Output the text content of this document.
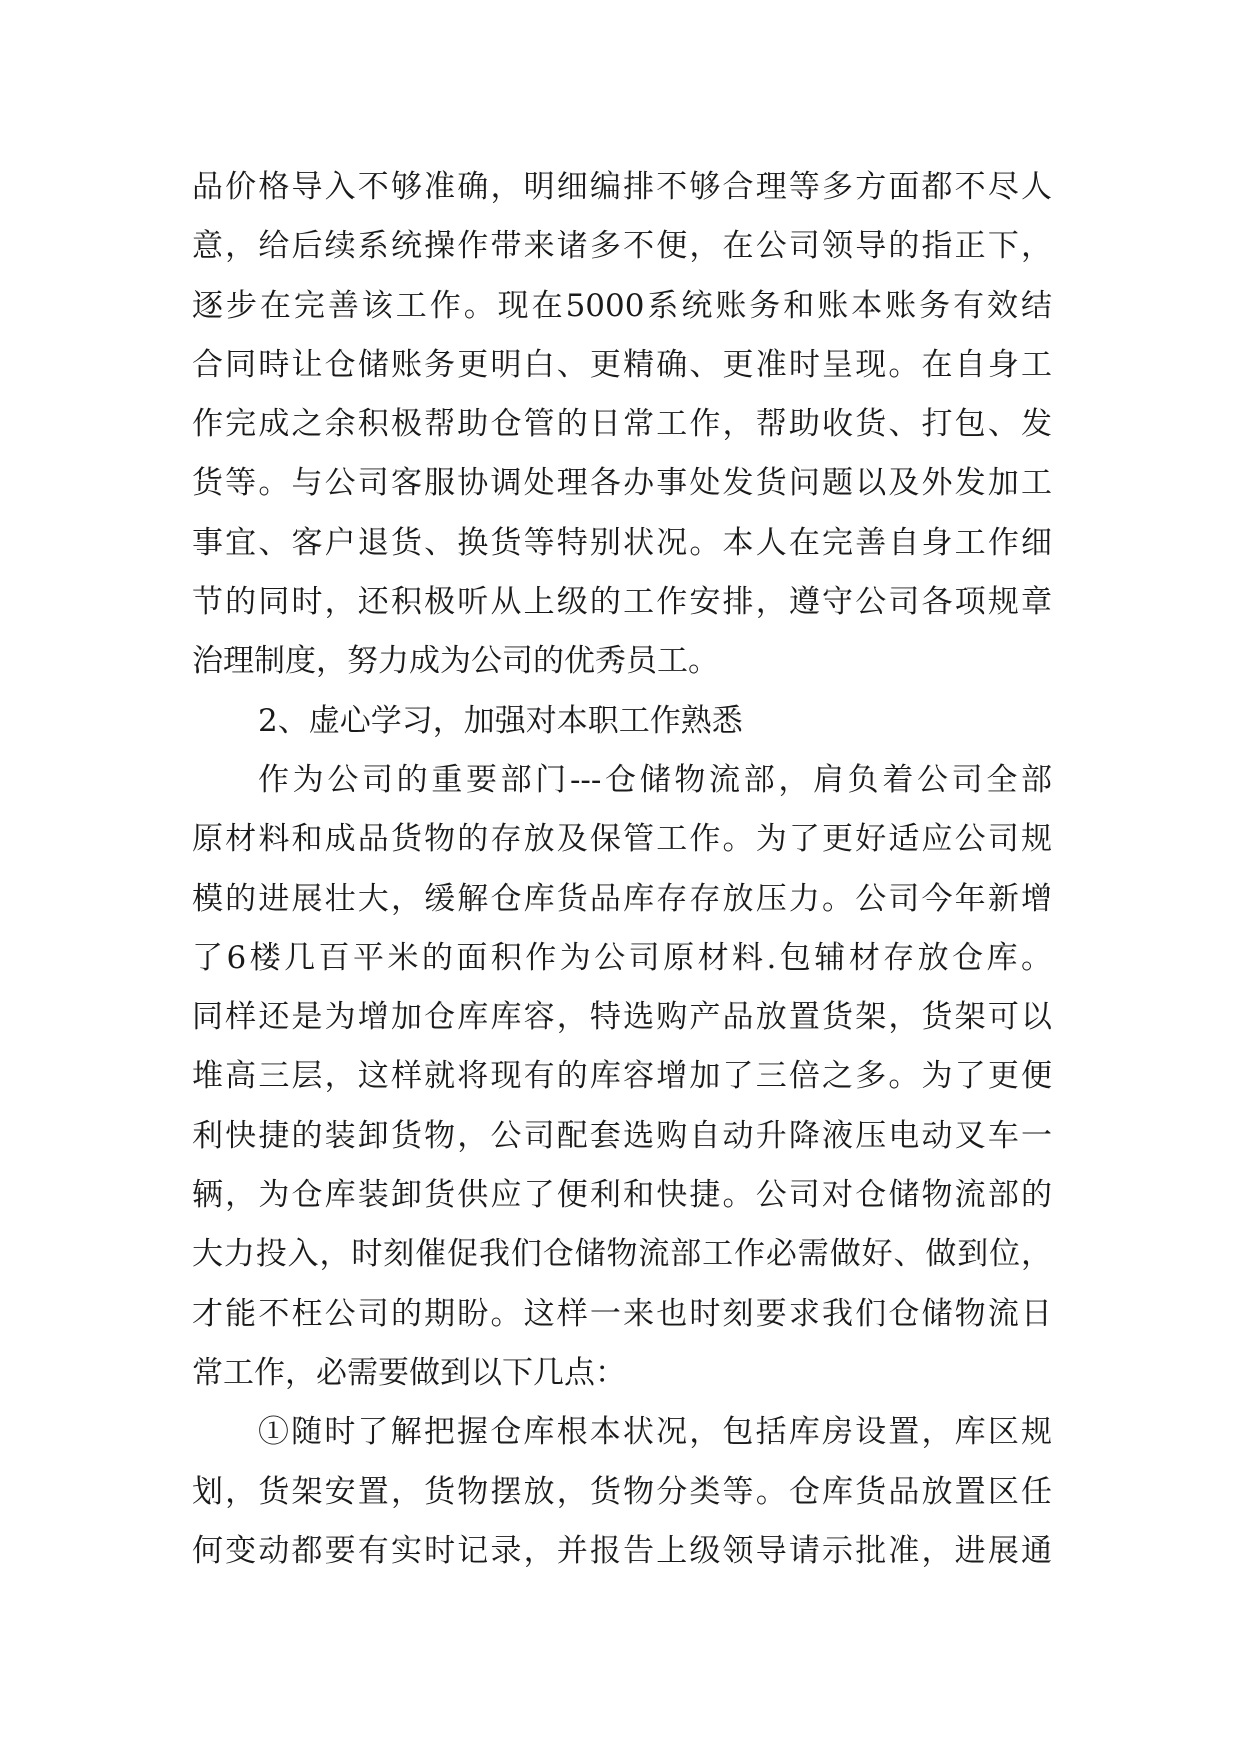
品价格导入不够准确，明细编排不够合理等多方面都不尽人
意，给后续系统操作带来诸多不便，在公司领导的指正下，
逐步在完善该工作。现在5000系统账务和账本账务有效结
合同時让仓储账务更明白、更精确、更准时呈现。在自身工
作完成之余积极帮助仓管的日常工作，帮助收货、打包、发
货等。与公司客服协调处理各办事处发货问题以及外发加工
事宜、客户退货、换货等特别状况。本人在完善自身工作细
节的同时，还积极听从上级的工作安排，遵守公司各项规章
治理制度，努力成为公司的优秀员工。
2、虚心学习，加强对本职工作熟悉
作为公司的重要部门---仓储物流部，肩负着公司全部
原材料和成品货物的存放及保管工作。为了更好适应公司规
模的进展壮大，缓解仓库货品库存存放压力。公司今年新增
了6楼几百平米的面积作为公司原材料.包辅材存放仓库。
同样还是为增加仓库库容，特选购产品放置货架，货架可以
堆高三层，这样就将现有的库容增加了三倍之多。为了更便
利快捷的装卸货物，公司配套选购自动升降液压电动叉车一
辆，为仓库装卸货供应了便利和快捷。公司对仓储物流部的
大力投入，时刻催促我们仓储物流部工作必需做好、做到位，
才能不枉公司的期盼。这样一来也时刻要求我们仓储物流日
常工作，必需要做到以下几点：
①随时了解把握仓库根本状况，包括库房设置，库区规
划，货架安置，货物摆放，货物分类等。仓库货品放置区任
何变动都要有实时记录，并报告上级领导请示批准，进展通
